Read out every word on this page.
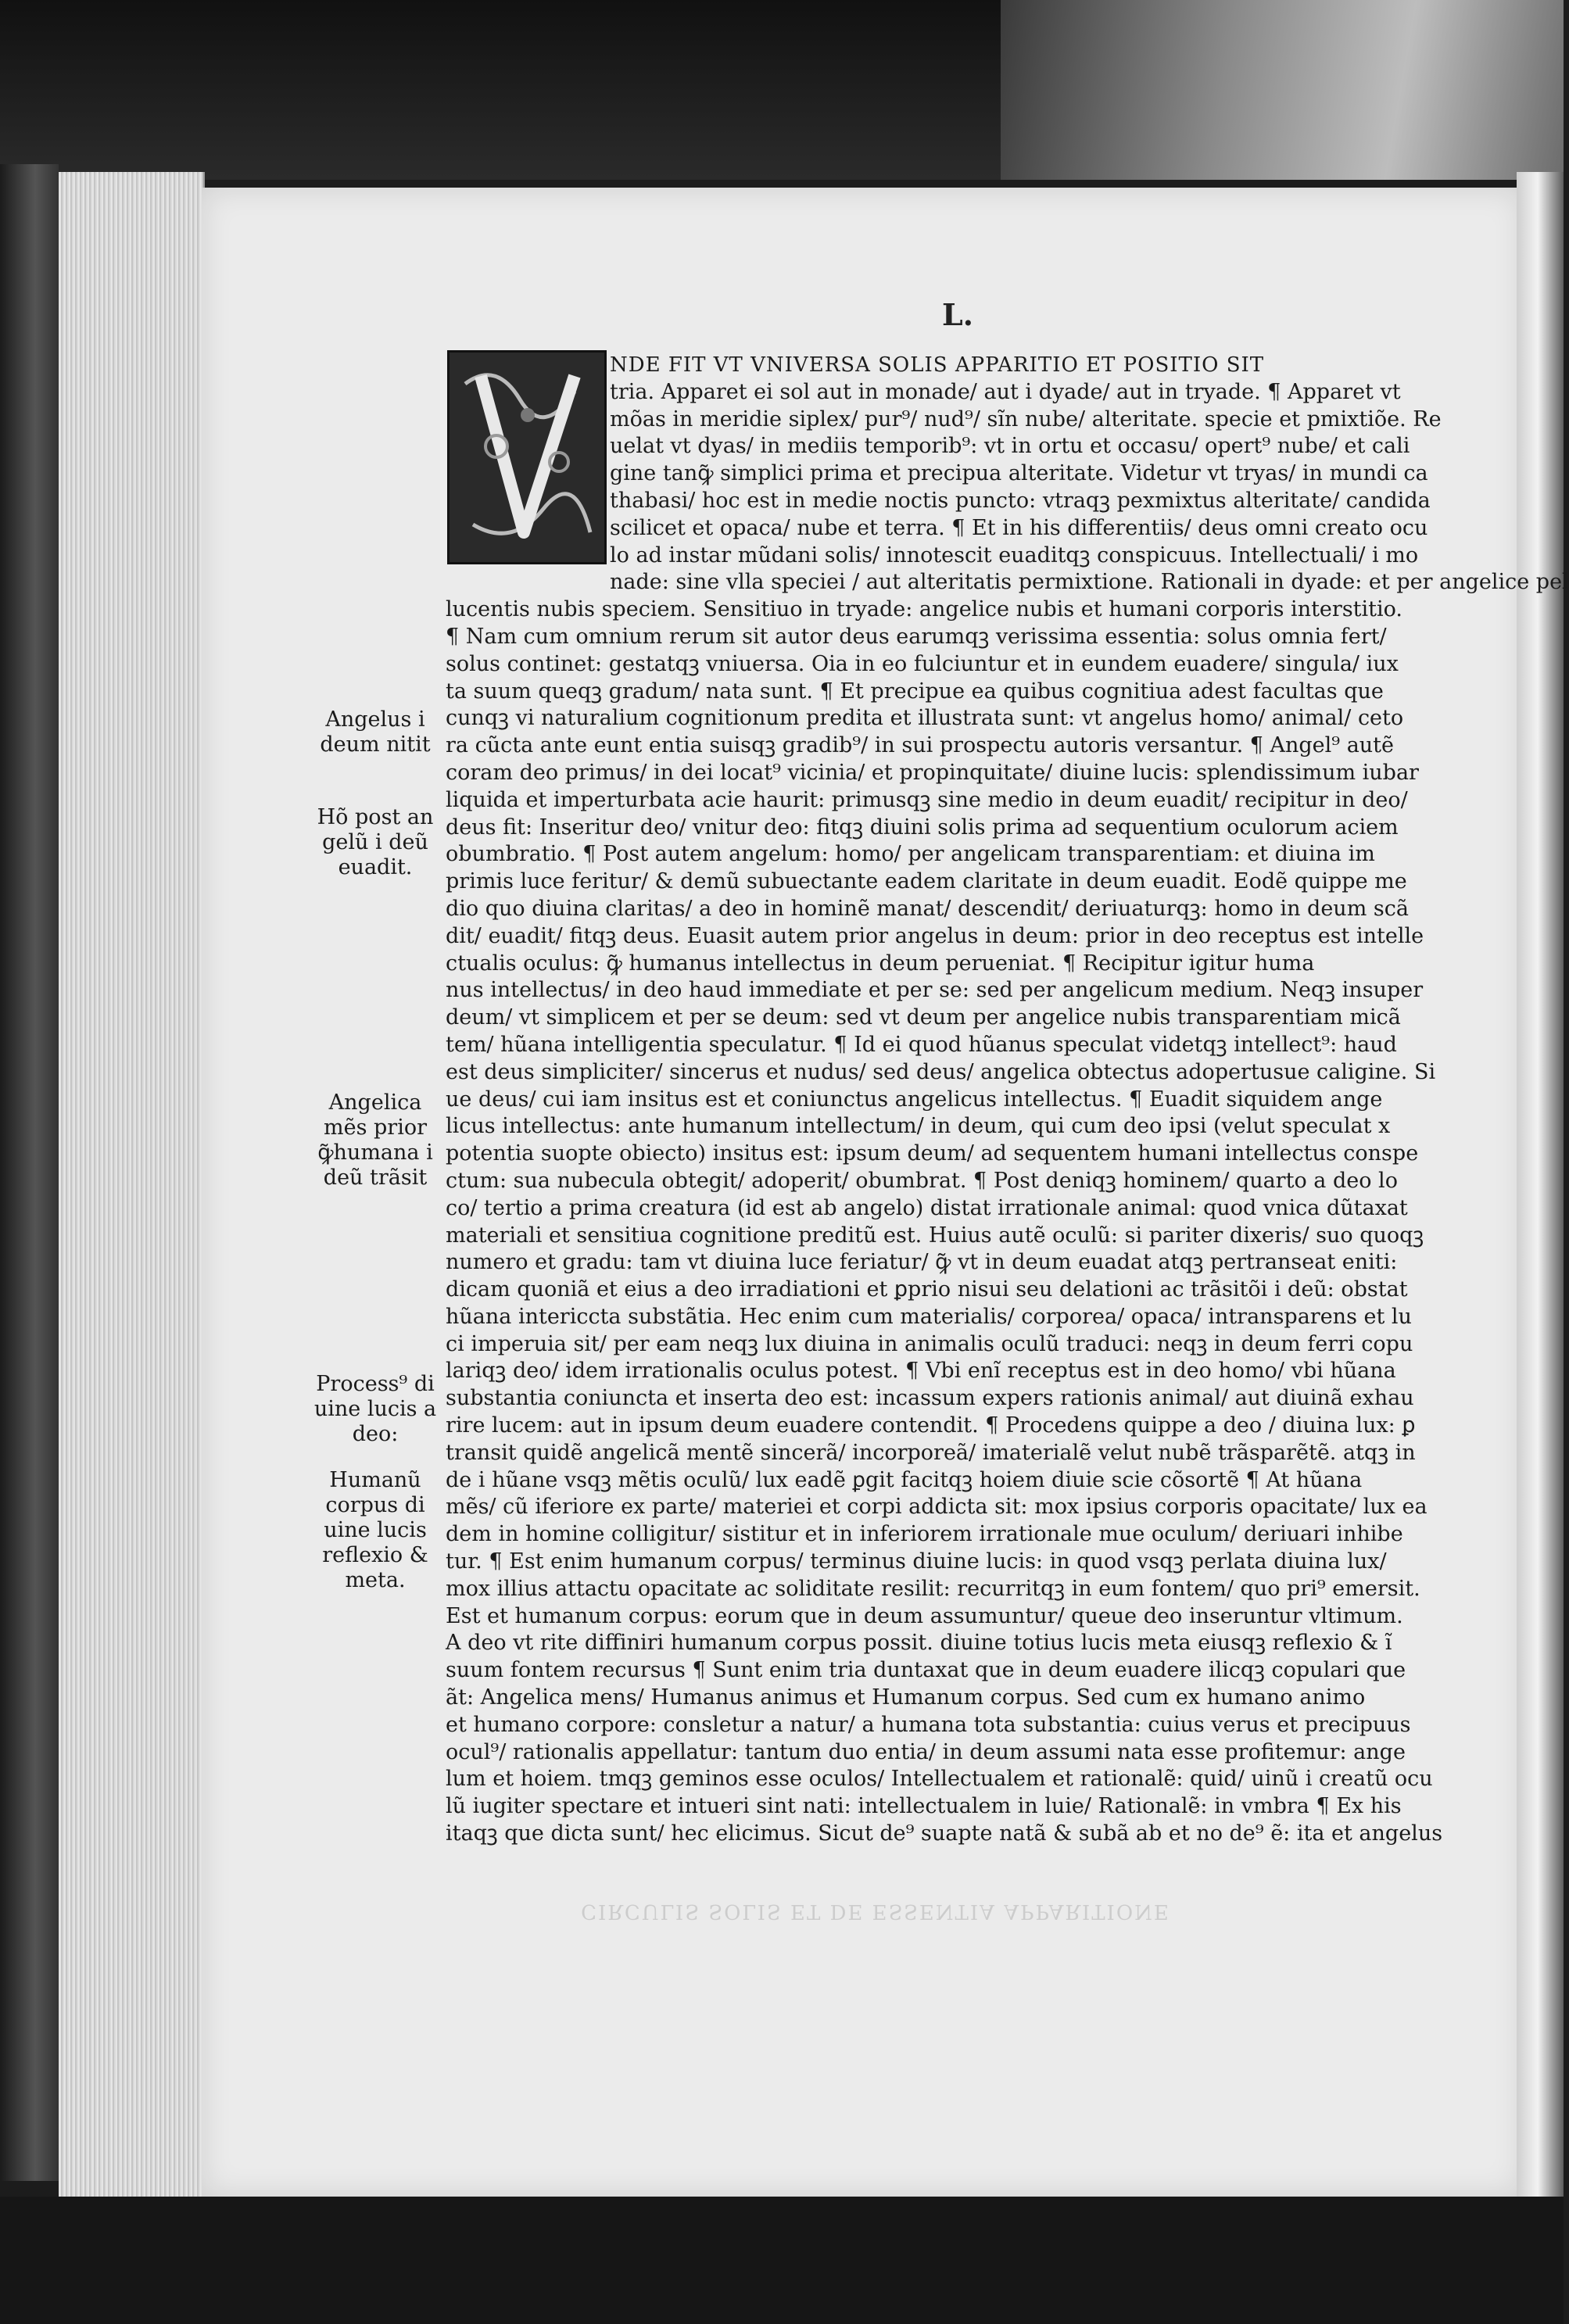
L.
NDE FIT VT VNIVERSA SOLIS APPARITIO ET POSITIO SIT
tria. Apparet ei sol aut in monade/ aut i dyade/ aut in tryade. ¶ Apparet vt
mõas in meridie siplex/ pur⁹/ nud⁹/ sĩn nube/ alteritate. specie et pmixtiõe. Re
uelat vt dyas/ in mediis temporib⁹: vt in ortu et occasu/ opert⁹ nube/ et cali
gine tanꝙ̃ simplici prima et precipua alteritate. Videtur vt tryas/ in mundi ca
thabasi/ hoc est in medie noctis puncto: vtraqꝫ pexmixtus alteritate/ candida
scilicet et opaca/ nube et terra. ¶ Et in his differentiis/ deus omni creato ocu
lo ad instar mũdani solis/ innotescit euaditqꝫ conspicuus. Intellectuali/ i mo
nade: sine vlla speciei / aut alteritatis permixtione. Rationali in dyade: et per angelice pel
lucentis nubis speciem. Sensitiuo in tryade: angelice nubis et humani corporis interstitio.
¶ Nam cum omnium rerum sit autor deus earumqꝫ verissima essentia: solus omnia fert/
solus continet: gestatqꝫ vniuersa. Oia in eo fulciuntur et in eundem euadere/ singula/ iux
ta suum queqꝫ gradum/ nata sunt. ¶ Et precipue ea quibus cognitiua adest facultas que
cunqꝫ vi naturalium cognitionum predita et illustrata sunt: vt angelus homo/ animal/ ceto
ra cũcta ante eunt entia suisqꝫ gradib⁹/ in sui prospectu autoris versantur. ¶ Angel⁹ autẽ
coram deo primus/ in dei locat⁹ vicinia/ et propinquitate/ diuine lucis: splendissimum iubar
liquida et imperturbata acie haurit: primusqꝫ sine medio in deum euadit/ recipitur in deo/
deus fit: Inseritur deo/ vnitur deo: fitqꝫ diuini solis prima ad sequentium oculorum aciem
obumbratio. ¶ Post autem angelum: homo/ per angelicam transparentiam: et diuina im
primis luce feritur/ & demũ subuectante eadem claritate in deum euadit. Eodẽ quippe me
dio quo diuina claritas/ a deo in hominẽ manat/ descendit/ deriuaturqꝫ: homo in deum scã
dit/ euadit/ fitqꝫ deus. Euasit autem prior angelus in deum: prior in deo receptus est intelle
ctualis oculus: ꝙ̃ humanus intellectus in deum perueniat. ¶ Recipitur igitur huma
nus intellectus/ in deo haud immediate et per se: sed per angelicum medium. Neqꝫ insuper
deum/ vt simplicem et per se deum: sed vt deum per angelice nubis transparentiam micã
tem/ hũana intelligentia speculatur. ¶ Id ei quod hũanus speculat videtqꝫ intellect⁹: haud
est deus simpliciter/ sincerus et nudus/ sed deus/ angelica obtectus adopertusue caligine. Si
ue deus/ cui iam insitus est et coniunctus angelicus intellectus. ¶ Euadit siquidem ange
licus intellectus: ante humanum intellectum/ in deum, qui cum deo ipsi (velut speculat x
potentia suopte obiecto) insitus est: ipsum deum/ ad sequentem humani intellectus conspe
ctum: sua nubecula obtegit/ adoperit/ obumbrat. ¶ Post deniqꝫ hominem/ quarto a deo lo
co/ tertio a prima creatura (id est ab angelo) distat irrationale animal: quod vnica dũtaxat
materiali et sensitiua cognitione preditũ est. Huius autẽ oculũ: si pariter dixeris/ suo quoqꝫ
numero et gradu: tam vt diuina luce feriatur/ ꝙ̃ vt in deum euadat atqꝫ pertranseat eniti:
dicam quoniã et eius a deo irradiationi et ꝑprio nisui seu delationi ac trãsitõi i deũ: obstat
hũana intericcta substãtia. Hec enim cum materialis/ corporea/ opaca/ intransparens et lu
ci imperuia sit/ per eam neqꝫ lux diuina in animalis oculũ traduci: neqꝫ in deum ferri copu
lariqꝫ deo/ idem irrationalis oculus potest. ¶ Vbi enĩ receptus est in deo homo/ vbi hũana
substantia coniuncta et inserta deo est: incassum expers rationis animal/ aut diuinã exhau
rire lucem: aut in ipsum deum euadere contendit. ¶ Procedens quippe a deo / diuina lux: ꝑ
transit quidẽ angelicã mentẽ sincerã/ incorporeã/ imaterialẽ velut nubẽ trãsparẽtẽ. atqꝫ in
de i hũane vsqꝫ mẽtis oculũ/ lux eadẽ ꝑgit facitqꝫ hoiem diuie scie cõsortẽ ¶ At hũana
mẽs/ cũ iferiore ex parte/ materiei et corpi addicta sit: mox ipsius corporis opacitate/ lux ea
dem in homine colligitur/ sistitur et in inferiorem irrationale mue oculum/ deriuari inhibe
tur. ¶ Est enim humanum corpus/ terminus diuine lucis: in quod vsqꝫ perlata diuina lux/
mox illius attactu opacitate ac soliditate resilit: recurritqꝫ in eum fontem/ quo pri⁹ emersit.
Est et humanum corpus: eorum que in deum assumuntur/ queue deo inseruntur vltimum.
A deo vt rite diffiniri humanum corpus possit. diuine totius lucis meta eiusqꝫ reflexio & ĩ
suum fontem recursus ¶ Sunt enim tria duntaxat que in deum euadere ilicqꝫ copulari que
ãt: Angelica mens/ Humanus animus et Humanum corpus. Sed cum ex humano animo
et humano corpore: consletur a natur/ a humana tota substantia: cuius verus et precipuus
ocul⁹/ rationalis appellatur: tantum duo entia/ in deum assumi nata esse profitemur: ange
lum et hoiem. tmqꝫ geminos esse oculos/ Intellectualem et rationalẽ: quid/ uinũ i creatũ ocu
lũ iugiter spectare et intueri sint nati: intellectualem in luie/ Rationalẽ: in vmbra ¶ Ex his
itaqꝫ que dicta sunt/ hec elicimus. Sicut de⁹ suapte natã & subã ab et no de⁹ ẽ: ita et angelus
Angelus i deum nitit
Hõ post an gelũ i deũ euadit.
Angelica mẽs prior ꝙ̃humana i deũ trãsit
Process⁹ di uine lucis a deo:
Humanũ corpus di uine lucis reflexio & meta.
CIRCULIS SOLIS ET DE ESSENTIA APPARITIONE
